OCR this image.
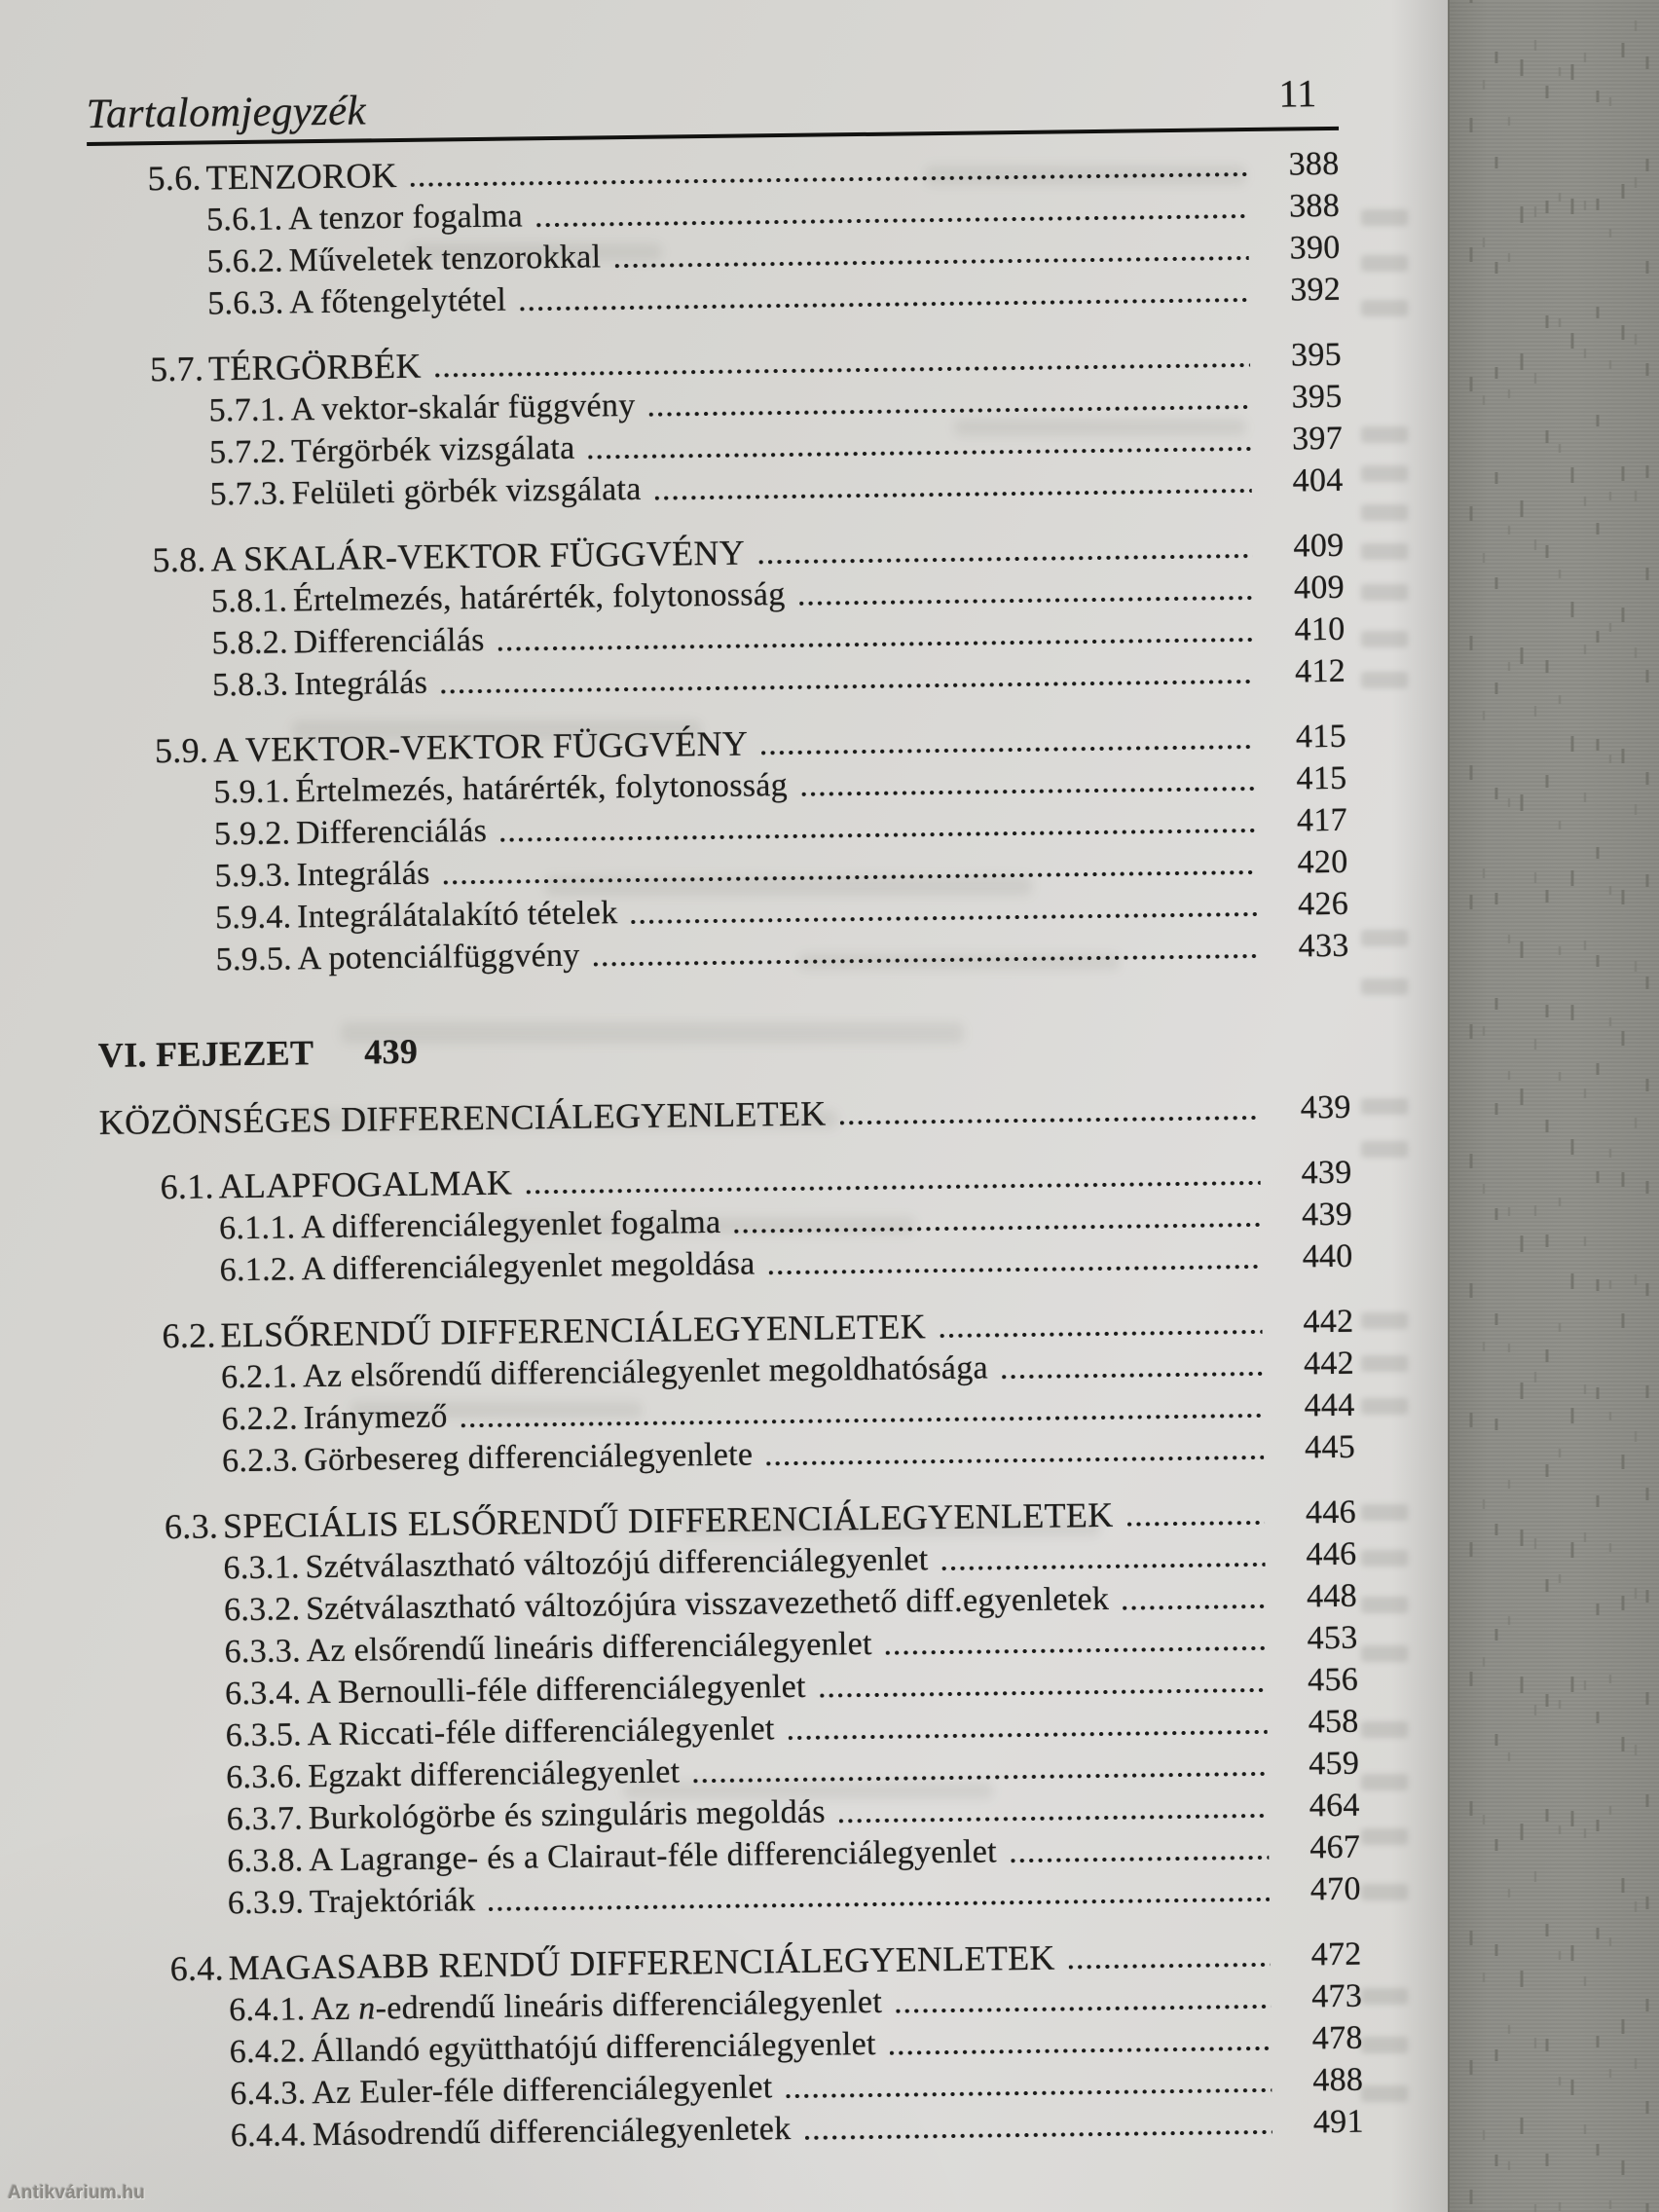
Tartalomjegyzék	11
5.6. TENZOROK	388
5.6.1. A tenzor fogalma	388
5.6.2. Műveletek tenzorokkal	390
5.6.3. A főtengelytétel	392
5.7. TÉRGÖRBÉK	395
5.7.1. A vektor-skalár függvény	395
5.7.2. Térgörbék vizsgálata	397
5.7.3. Felületi görbék vizsgálata	404
5.8. A SKALÁR-VEKTOR FÜGGVÉNY	409
5.8.1. Értelmezés, határérték, folytonosság	409
5.8.2. Differenciálás	410
5.8.3. Integrálás	412
5.9. A VEKTOR-VEKTOR FÜGGVÉNY	415
5.9.1. Értelmezés, határérték, folytonosság	415
5.9.2. Differenciálás	417
5.9.3. Integrálás	420
5.9.4. Integrálátalakító tételek	426
5.9.5. A potenciálfüggvény	433
VI. FEJEZET 439
KÖZÖNSÉGES DIFFERENCIÁLEGYENLETEK	439
6.1. ALAPFOGALMAK	439
6.1.1. A differenciálegyenlet fogalma	439
6.1.2. A differenciálegyenlet megoldása	440
6.2. ELSŐRENDŰ DIFFERENCIÁLEGYENLETEK	442
6.2.1. Az elsőrendű differenciálegyenlet megoldhatósága	442
6.2.2. Iránymező	444
6.2.3. Görbesereg differenciálegyenlete	445
6.3. SPECIÁLIS ELSŐRENDŰ DIFFERENCIÁLEGYENLETEK	446
6.3.1. Szétválasztható változójú differenciálegyenlet	446
6.3.2. Szétválasztható változójúra visszavezethető diff.egyenletek	448
6.3.3. Az elsőrendű lineáris differenciálegyenlet	453
6.3.4. A Bernoulli-féle differenciálegyenlet	456
6.3.5. A Riccati-féle differenciálegyenlet	458
6.3.6. Egzakt differenciálegyenlet	459
6.3.7. Burkológörbe és szinguláris megoldás	464
6.3.8. A Lagrange- és a Clairaut-féle differenciálegyenlet	467
6.3.9. Trajektóriák	470
6.4. MAGASABB RENDŰ DIFFERENCIÁLEGYENLETEK	472
6.4.1. Az n-edrendű lineáris differenciálegyenlet	473
6.4.2. Állandó együtthatójú differenciálegyenlet	478
6.4.3. Az Euler-féle differenciálegyenlet	488
6.4.4. Másodrendű differenciálegyenletek	491
Antikvárium.hu
